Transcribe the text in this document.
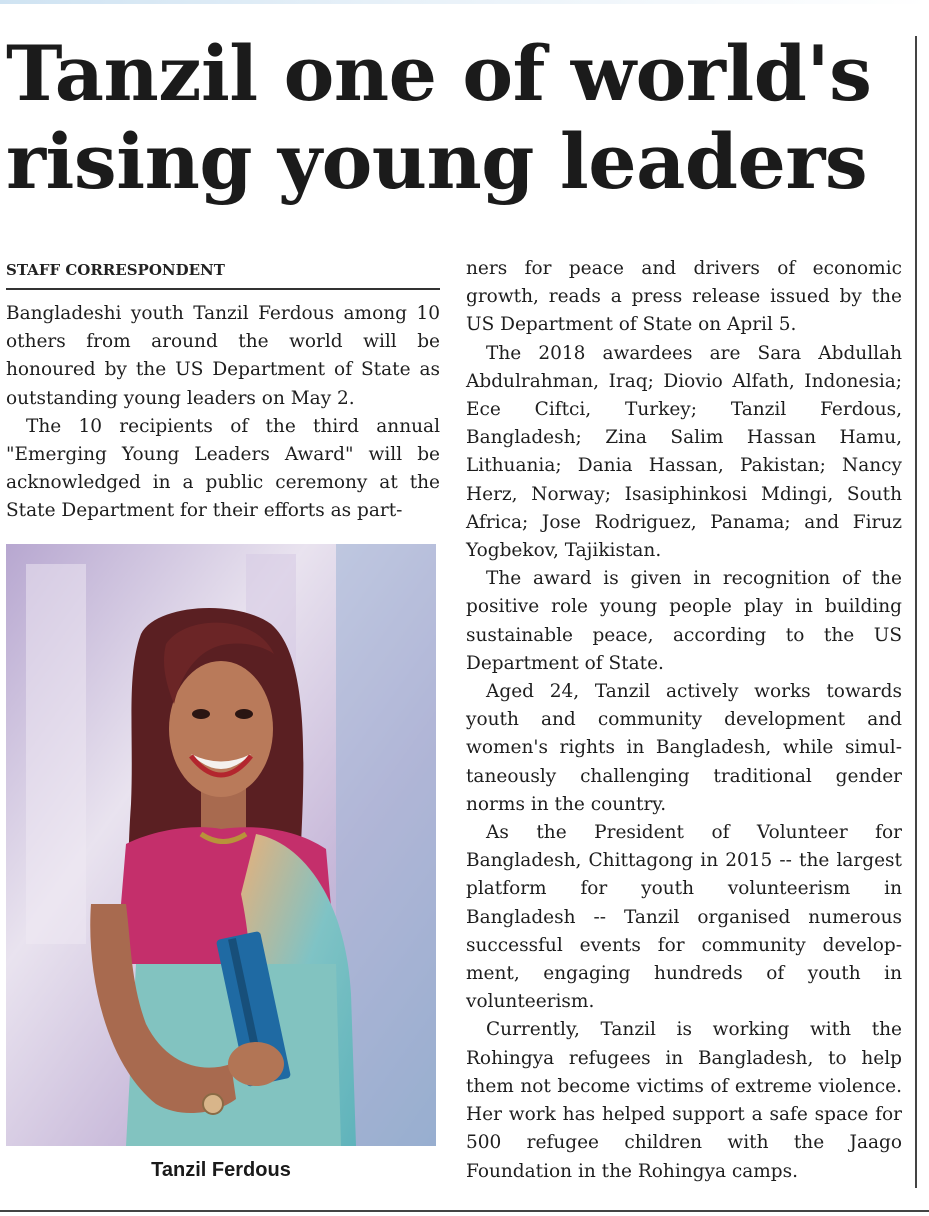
Tanzil one of world's rising young leaders
STAFF CORRESPONDENT

Bangladeshi youth Tanzil Ferdous among 10 others from around the world will be honoured by the US Department of State as outstanding young leaders on May 2.

The 10 recipients of the third annual "Emerging Young Leaders Award" will be acknowledged in a public ceremony at the State Department for their efforts as part-

Tanzil Ferdous

ners for peace and drivers of economic growth, reads a press release issued by the US Department of State on April 5.

The 2018 awardees are Sara Abdullah Abdulrahman, Iraq; Diovio Alfath, Indonesia; Ece Ciftci, Turkey; Tanzil Ferdous, Bangladesh; Zina Salim Hassan Hamu, Lithuania; Dania Hassan, Pakistan; Nancy Herz, Norway; Isasiphinkosi Mdingi, South Africa; Jose Rodriguez, Panama; and Firuz Yogbekov, Tajikistan.

The award is given in recognition of the positive role young people play in building sustainable peace, according to the US Department of State.

Aged 24, Tanzil actively works towards youth and community development and women's rights in Bangladesh, while simultaneously challenging traditional gender norms in the country.

As the President of Volunteer for Bangladesh, Chittagong in 2015 -- the largest platform for youth volunteerism in Bangladesh -- Tanzil organised numerous successful events for community development, engaging hundreds of youth in volunteerism.

Currently, Tanzil is working with the Rohingya refugees in Bangladesh, to help them not become victims of extreme violence. Her work has helped support a safe space for 500 refugee children with the Jaago Foundation in the Rohingya camps.
